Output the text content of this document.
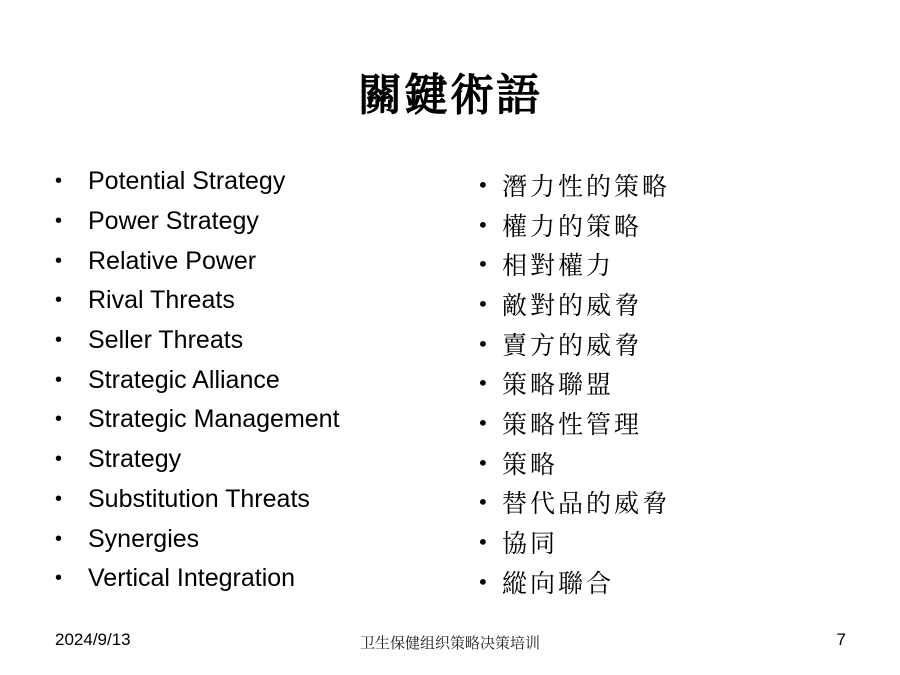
關鍵術語
•	Potential Strategy
•	Power Strategy
•	Relative Power
•	Rival Threats
•	Seller Threats
•	Strategic Alliance
•	Strategic Management
•	Strategy
•	Substitution Threats
•	Synergies
•	Vertical Integration
• 潛力性的策略
• 權力的策略
• 相對權力
• 敵對的威脅
• 賣方的威脅
• 策略聯盟
• 策略性管理
• 策略
• 替代品的威脅
• 協同
• 縱向聯合
2024/9/13	卫生保健组织策略决策培训	7
